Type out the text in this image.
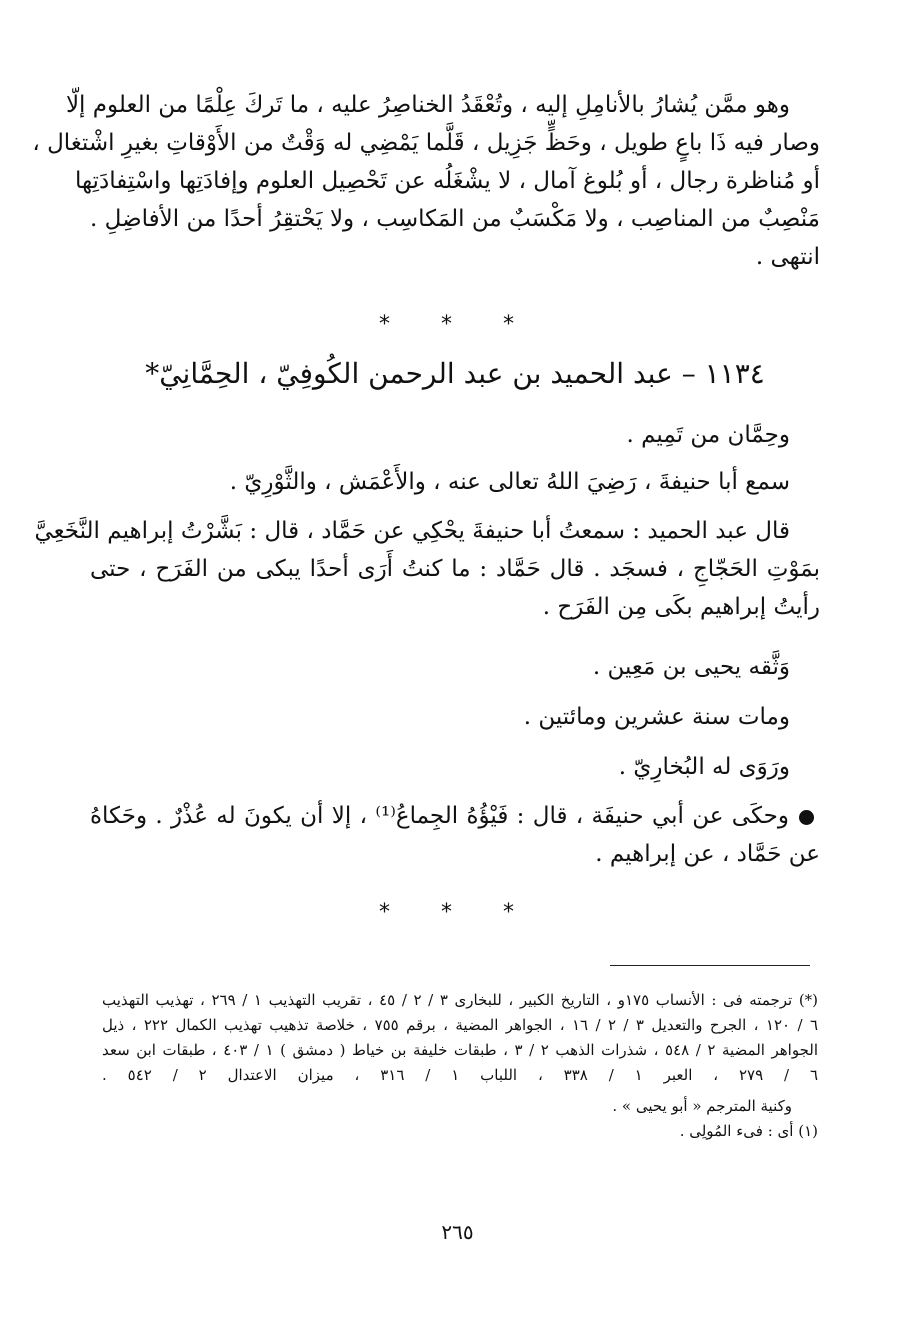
وهو ممَّن يُشارُ بالأنامِلِ إليه ، وتُعْقَدُ الخناصِرُ عليه ، ما تَركَ عِلْمًا من العلوم إلّا
وصار فيه ذَا باعٍ طويل ، وحَظٍّ جَزِيل ، قَلَّما يَمْضِي له وَقْتٌ من الأَوْقاتِ بغيرِ اشْتغال ،
أو مُناظرة رجال ، أو بُلوغ آمال ، لا يشْغَلُه عن تَحْصِيل العلوم وإفادَتِها واسْتِفادَتِها
مَنْصِبٌ من المناصِب ، ولا مَكْسَبٌ من المَكاسِب ، ولا يَحْتقِرُ أحدًا من الأفاضِلِ .
انتهى .
* * *
١١٣٤ – عبد الحميد بن عبد الرحمن الكُوفِيّ ، الحِمَّانِيّ*
وحِمَّان من تَمِيم .
سمع أبا حنيفةَ ، رَضِيَ اللهُ تعالى عنه ، والأَعْمَش ، والثَّوْرِيّ .
قال عبد الحميد : سمعتُ أبا حنيفةَ يحْكِي عن حَمَّاد ، قال : بَشَّرْتُ إبراهيم النَّخَعِيَّ
بمَوْتِ الحَجّاجِ ، فسجَد . قال حَمَّاد : ما كنتُ أَرَى أحدًا يبكى من الفَرَح ، حتى
رأيتُ إبراهيم بكَى مِن الفَرَح .
وَثَّقه يحيى بن مَعِين .
ومات سنة عشرين ومائتين .
ورَوَى له البُخارِيّ .
وحكَى عن أبي حنيفَة ، قال : فَيْؤُهُ الجِماعُ⁽¹⁾ ، إلا أن يكونَ له عُذْرٌ . وحَكاهُ
عن حَمَّاد ، عن إبراهيم .
* * *
(*) ترجمته فى : الأنساب ١٧٥و ، التاريخ الكبير ، للبخارى ٣ / ٢ / ٤٥ ، تقريب التهذيب ١ / ٢٦٩ ، تهذيب التهذيب
٦ / ١٢٠ ، الجرح والتعديل ٣ / ٢ / ١٦ ، الجواهر المضية ، برقم ٧٥٥ ، خلاصة تذهيب تهذيب الكمال ٢٢٢ ، ذيل
الجواهر المضية ٢ / ٥٤٨ ، شذرات الذهب ٢ / ٣ ، طبقات خليفة بن خياط ( دمشق ) ١ / ٤٠٣ ، طبقات ابن سعد
٦ / ٢٧٩ ، العبر ١ / ٣٣٨ ، اللباب ١ / ٣١٦ ، ميزان الاعتدال ٢ / ٥٤٢ .
وكنية المترجم « أبو يحيى » .
(١) أى : فىء المُولِى .
٢٦٥
